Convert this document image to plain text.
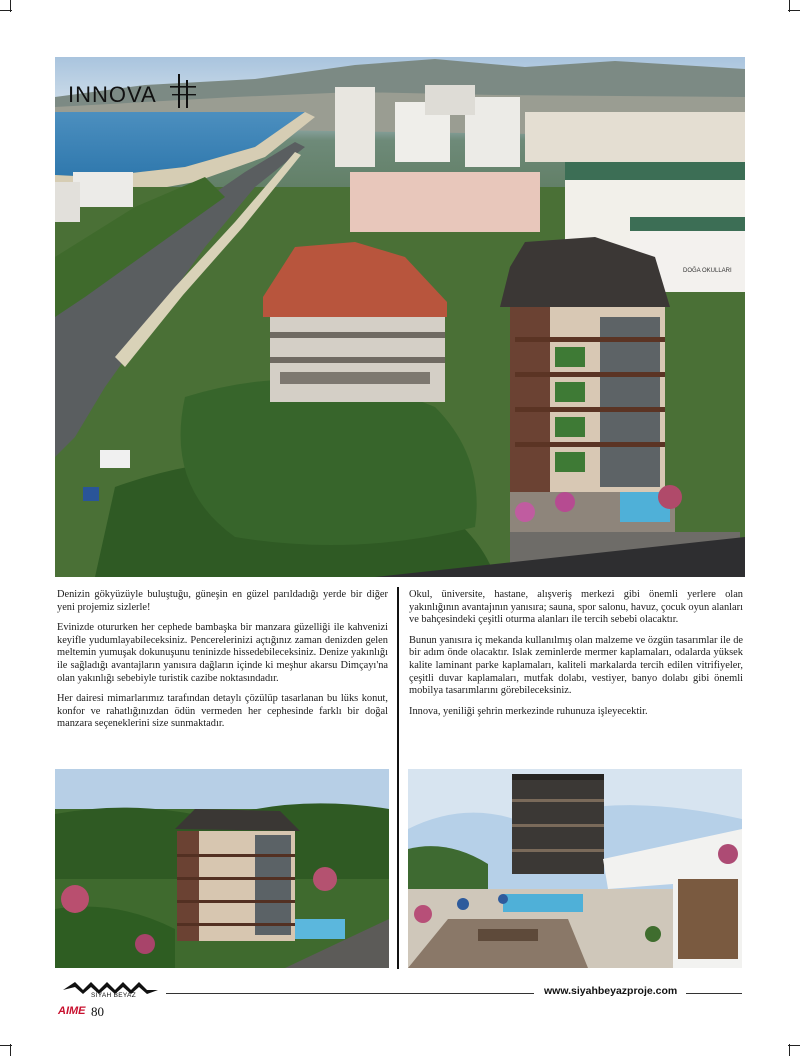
DOĞA OKULLARI
INNOVA

Denizin gökyüzüyle buluştuğu, güneşin en güzel parıldadığı yerde bir diğer yeni projemiz sizlerle!

Evinizde otururken her cephede bambaşka bir manzara güzelliği ile kahvenizi keyifle yudumlayabileceksiniz. Pencerelerinizi açtığınız zaman denizden gelen meltemin yumuşak dokunuşunu teninizde hissedebileceksiniz. Denize yakınlığı ile sağladığı avantajların yanısıra dağların içinde ki meşhur akarsu Dimçayı'na olan yakınlığı sebebiyle turistik cazibe noktasındadır.

Her dairesi mimarlarımız tarafından detaylı çözülüp tasarlanan bu lüks konut, konfor ve rahatlığınızdan ödün vermeden her cephesinde farklı bir doğal manzara seçeneklerini size sunmaktadır.

Okul, üniversite, hastane, alışveriş merkezi gibi önemli yerlere olan yakınlığının avantajının yanısıra; sauna, spor salonu, havuz, çocuk oyun alanları ve bahçesindeki çeşitli oturma alanları ile tercih sebebi olacaktır.

Bunun yanısıra iç mekanda kullanılmış olan malzeme ve özgün tasarımlar ile de bir adım önde olacaktır. Islak zeminlerde mermer kaplamaları, odalarda yüksek kalite laminant parke kaplamaları, kaliteli markalarda tercih edilen vitrifiyeler, çeşitli duvar kaplamaları, mutfak dolabı, vestiyer, banyo dolabı gibi önemli mobilya tasarımlarını görebileceksiniz.

Innova, yeniliği şehrin merkezinde ruhunuza işleyecektir.

SİYAH BEYAZ
AIME 80
www.siyahbeyazproje.com
